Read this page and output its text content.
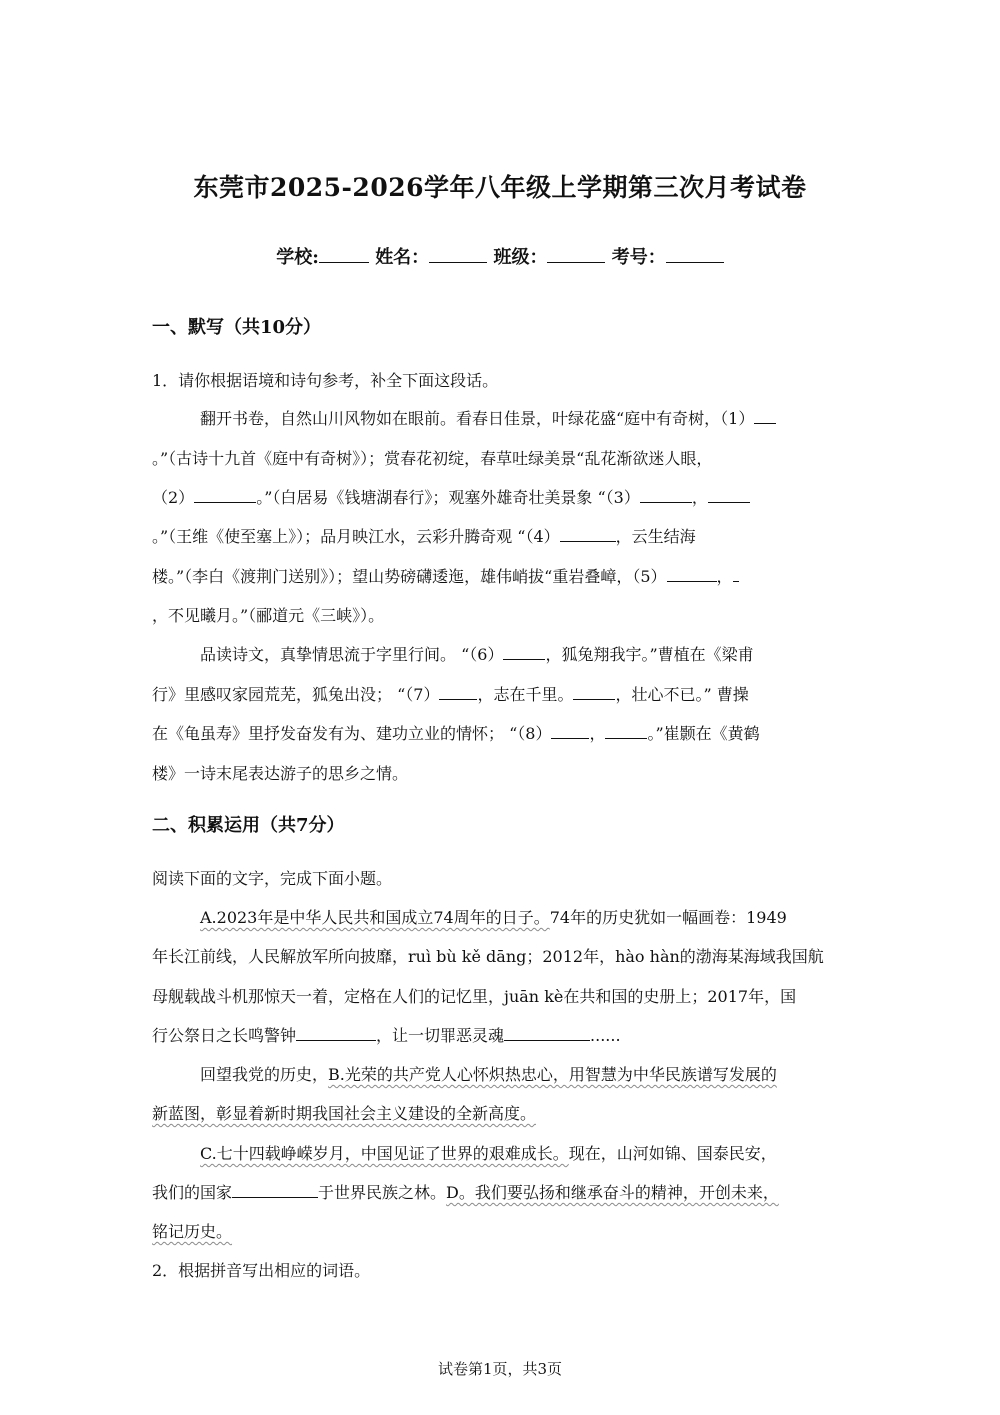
东莞市2025-2026学年八年级上学期第三次月考试卷
学校:	姓名：	班级：	考号：
一、默写（共10分）
1．请你根据语境和诗句参考，补全下面这段话。
翻开书卷，自然山川风物如在眼前。看春日佳景，叶绿花盛“庭中有奇树，（1）
。”（古诗十九首《庭中有奇树》）；赏春花初绽，春草吐绿美景“乱花渐欲迷人眼，
（2）	。”（白居易《钱塘湖春行》；观塞外雄奇壮美景象 “（3）	，
。”（王维《使至塞上》）；品月映江水，云彩升腾奇观 “（4）	，云生结海
楼。”（李白《渡荆门送别》）；望山势磅礴逶迤，雄伟峭拔“重岩叠嶂，（5）	，
，不见曦月。”（郦道元《三峡》）。
品读诗文，真挚情思流于字里行间。 “（6）	，狐兔翔我宇。”曹植在《梁甫
行》里感叹家园荒芜，狐兔出没； “（7） ，志在千里。	，壮心不已。” 曹操
在《龟虽寿》里抒发奋发有为、建功立业的情怀； “（8） ，	。”崔颢在《黄鹤
楼》一诗末尾表达游子的思乡之情。
二、积累运用（共7分）
阅读下面的文字，完成下面小题。
A.2023年是中华人民共和国成立74周年的日子。74年的历史犹如一幅画卷：1949
年长江前线，人民解放军所向披靡，ruì bù kě dāng；2012年，hào hàn的渤海某海域我国航
母舰载战斗机那惊天一着，定格在人们的记忆里，juān kè在共和国的史册上；2017年，国
行公祭日之长鸣警钟	，让一切罪恶灵魂	......
回望我党的历史，B.光荣的共产党人心怀炽热忠心，用智慧为中华民族谱写发展的
新蓝图，彰显着新时期我国社会主义建设的全新高度。
C.七十四载峥嵘岁月，中国见证了世界的艰难成长。现在，山河如锦、国泰民安，
我们的国家	于世界民族之林。D。我们要弘扬和继承奋斗的精神，开创未来，
铭记历史。
2．根据拼音写出相应的词语。
试卷第1页，共3页
